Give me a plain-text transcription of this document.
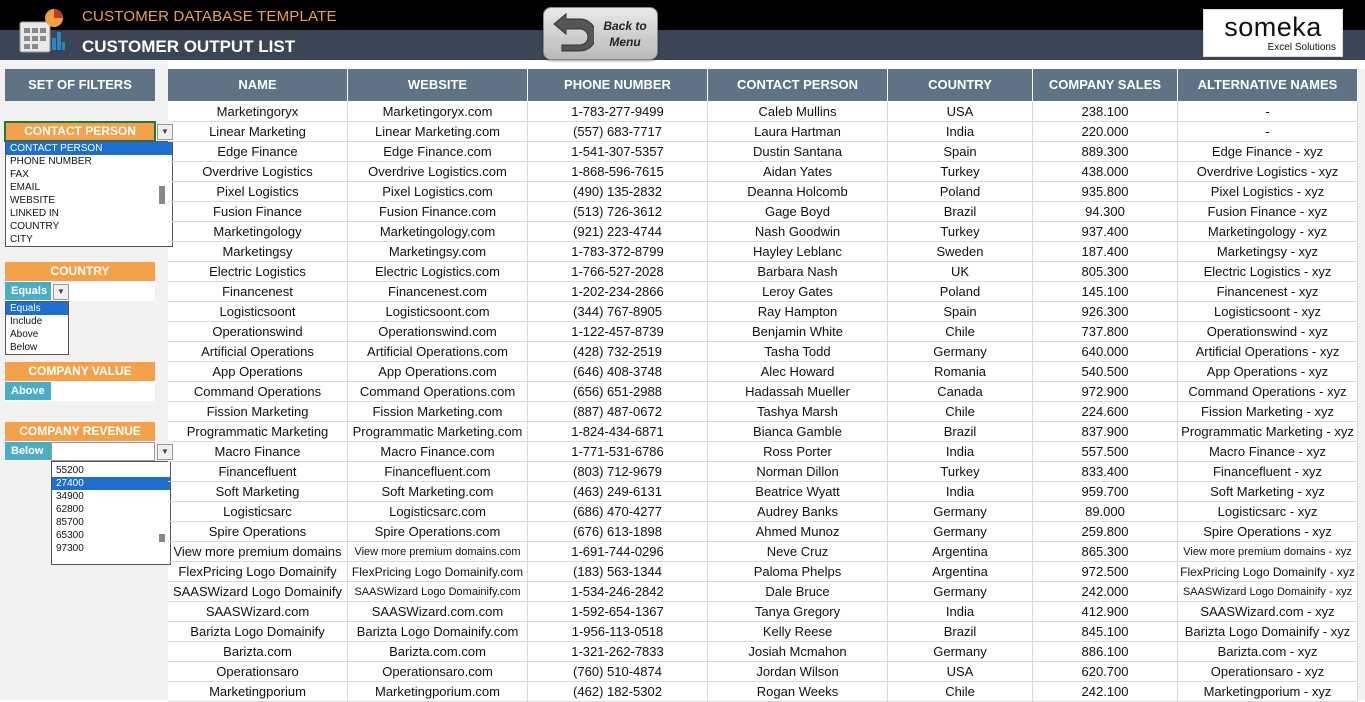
CUSTOMER DATABASE TEMPLATE
CUSTOMER OUTPUT LIST
Back to Menu	someka
Excel Solutions
SET OF FILTERS
CONTACT PERSON	▼
CONTACT PERSON
PHONE NUMBER
FAX
EMAIL
WEBSITE
LINKED IN
COUNTRY
CITY
COUNTRY
Equals	▼
Equals
Include
Above
Below
COMPANY VALUE
Above
COMPANY REVENUE
Below	▼
55200
27400
34900
62800
85700
65300
97300
NAME	WEBSITE	PHONE NUMBER	CONTACT PERSON	COUNTRY	COMPANY SALES	ALTERNATIVE NAMES
Marketingoryx	Marketingoryx.com	1-783-277-9499	Caleb Mullins	USA	238.100	-
Linear Marketing	Linear Marketing.com	(557) 683-7717	Laura Hartman	India	220.000	-
Edge Finance	Edge Finance.com	1-541-307-5357	Dustin Santana	Spain	889.300	Edge Finance - xyz
Overdrive Logistics	Overdrive Logistics.com	1-868-596-7615	Aidan Yates	Turkey	438.000	Overdrive Logistics - xyz
Pixel Logistics	Pixel Logistics.com	(490) 135-2832	Deanna Holcomb	Poland	935.800	Pixel Logistics - xyz
Fusion Finance	Fusion Finance.com	(513) 726-3612	Gage Boyd	Brazil	94.300	Fusion Finance - xyz
Marketingology	Marketingology.com	(921) 223-4744	Nash Goodwin	Turkey	937.400	Marketingology - xyz
Marketingsy	Marketingsy.com	1-783-372-8799	Hayley Leblanc	Sweden	187.400	Marketingsy - xyz
Electric Logistics	Electric Logistics.com	1-766-527-2028	Barbara Nash	UK	805.300	Electric Logistics - xyz
Financenest	Financenest.com	1-202-234-2866	Leroy Gates	Poland	145.100	Financenest - xyz
Logisticsoont	Logisticsoont.com	(344) 767-8905	Ray Hampton	Spain	926.300	Logisticsoont - xyz
Operationswind	Operationswind.com	1-122-457-8739	Benjamin White	Chile	737.800	Operationswind - xyz
Artificial Operations	Artificial Operations.com	(428) 732-2519	Tasha Todd	Germany	640.000	Artificial Operations - xyz
App Operations	App Operations.com	(646) 408-3748	Alec Howard	Romania	540.500	App Operations - xyz
Command Operations	Command Operations.com	(656) 651-2988	Hadassah Mueller	Canada	972.900	Command Operations - xyz
Fission Marketing	Fission Marketing.com	(887) 487-0672	Tashya Marsh	Chile	224.600	Fission Marketing - xyz
Programmatic Marketing	Programmatic Marketing.com	1-824-434-6871	Bianca Gamble	Brazil	837.900	Programmatic Marketing - xyz
Macro Finance	Macro Finance.com	1-771-531-6786	Ross Porter	India	557.500	Macro Finance - xyz
Financefluent	Financefluent.com	(803) 712-9679	Norman Dillon	Turkey	833.400	Financefluent - xyz
Soft Marketing	Soft Marketing.com	(463) 249-6131	Beatrice Wyatt	India	959.700	Soft Marketing - xyz
Logisticsarc	Logisticsarc.com	(686) 470-4277	Audrey Banks	Germany	89.000	Logisticsarc - xyz
Spire Operations	Spire Operations.com	(676) 613-1898	Ahmed Munoz	Germany	259.800	Spire Operations - xyz
View more premium domains	View more premium domains.com	1-691-744-0296	Neve Cruz	Argentina	865.300	View more premium domains - xyz
FlexPricing Logo Domainify	FlexPricing Logo Domainify.com	(183) 563-1344	Paloma Phelps	Argentina	972.500	FlexPricing Logo Domainify - xyz
SAASWizard Logo Domainify	SAASWizard Logo Domainify.com	1-534-246-2842	Dale Bruce	Germany	242.000	SAASWizard Logo Domainify - xyz
SAASWizard.com	SAASWizard.com.com	1-592-654-1367	Tanya Gregory	India	412.900	SAASWizard.com - xyz
Barizta Logo Domainify	Barizta Logo Domainify.com	1-956-113-0518	Kelly Reese	Brazil	845.100	Barizta Logo Domainify - xyz
Barizta.com	Barizta.com.com	1-321-262-7833	Josiah Mcmahon	Germany	886.100	Barizta.com - xyz
Operationsaro	Operationsaro.com	(760) 510-4874	Jordan Wilson	USA	620.700	Operationsaro - xyz
Marketingporium	Marketingporium.com	(462) 182-5302	Rogan Weeks	Chile	242.100	Marketingporium - xyz
